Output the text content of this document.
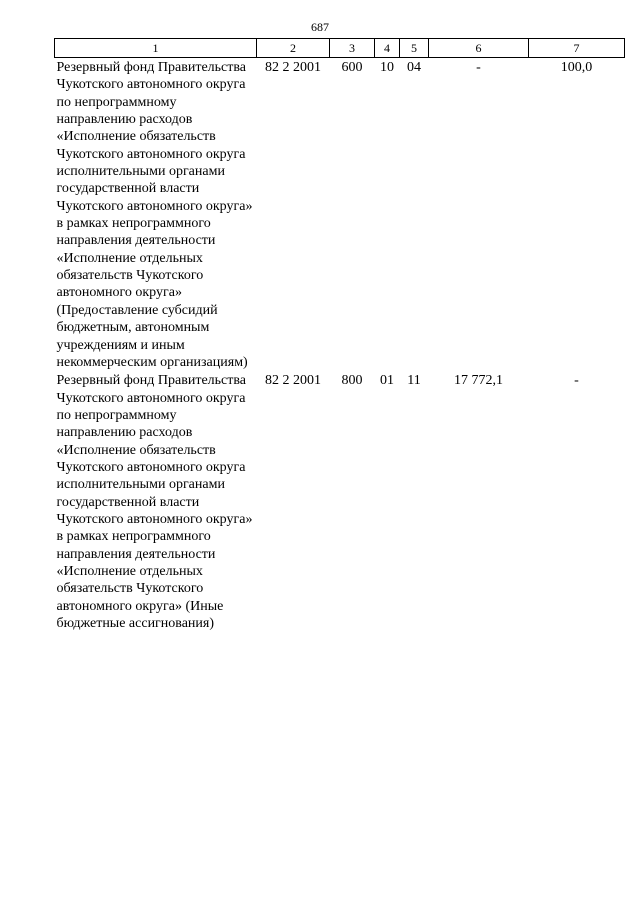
687
1	2	3	4	5	6	7
Резервный фонд Правительства Чукотского автономного округа по непрограммному направлению расходов «Исполнение обязательств Чукотского автономного округа исполнительными органами государственной власти Чукотского автономного округа» в рамках непрограммного направления деятельности «Исполнение отдельных обязательств Чукотского автономного округа» (Предоставление субсидий бюджетным, автономным учреждениям и иным некоммерческим организациям)	82 2 2001	600	10	04	-	100,0
Резервный фонд Правительства Чукотского автономного округа по непрограммному направлению расходов «Исполнение обязательств Чукотского автономного округа исполнительными органами государственной власти Чукотского автономного округа» в рамках непрограммного направления деятельности «Исполнение отдельных обязательств Чукотского автономного округа» (Иные бюджетные ассигнования)	82 2 2001	800	01	11	17 772,1	-
